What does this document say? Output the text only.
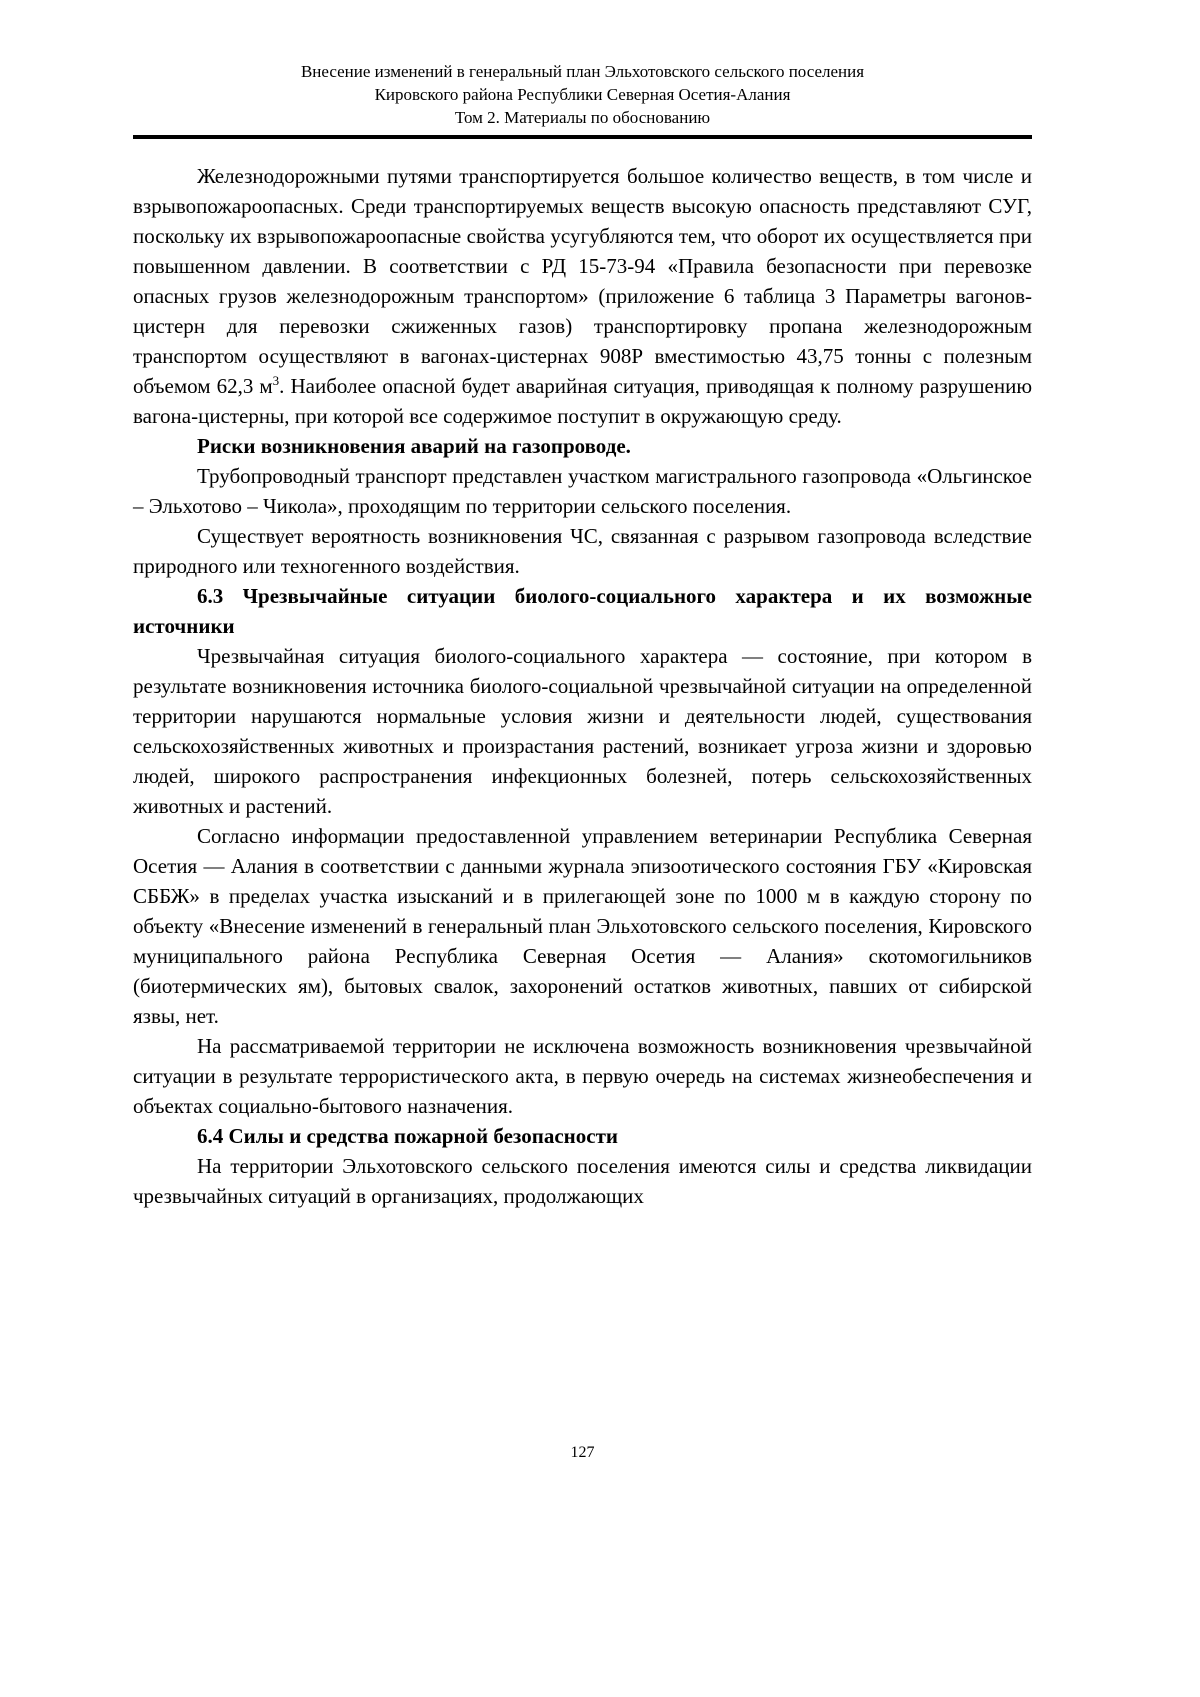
Внесение изменений в генеральный план Эльхотовского сельского поселения
Кировского района Республики Северная Осетия-Алания
Том 2. Материалы по обоснованию

Железнодорожными путями транспортируется большое количество веществ, в том числе и взрывопожароопасных. Среди транспортируемых веществ высокую опасность представляют СУГ, поскольку их взрывопожароопасные свойства усугубляются тем, что оборот их осуществляется при повышенном давлении. В соответствии с РД 15-73-94 «Правила безопасности при перевозке опасных грузов железнодорожным транспортом» (приложение 6 таблица 3 Параметры вагонов-цистерн для перевозки сжиженных газов) транспортировку пропана железнодорожным транспортом осуществляют в вагонах-цистернах 908Р вместимостью 43,75 тонны с полезным объемом 62,3 $м^3$. Наиболее опасной будет аварийная ситуация, приводящая к полному разрушению вагона-цистерны, при которой все содержимое поступит в окружающую среду.

Риски возникновения аварий на газопроводе.

Трубопроводный транспорт представлен участком магистрального газопровода «Ольгинское – Эльхотово – Чикола», проходящим по территории сельского поселения.

Существует вероятность возникновения ЧС, связанная с разрывом газопровода вследствие природного или техногенного воздействия.

6.3 Чрезвычайные ситуации биолого-социального характера и их возможные источники

Чрезвычайная ситуация биолого-социального характера — состояние, при котором в результате возникновения источника биолого-социальной чрезвычайной ситуации на определенной территории нарушаются нормальные условия жизни и деятельности людей, существования сельскохозяйственных животных и произрастания растений, возникает угроза жизни и здоровью людей, широкого распространения инфекционных болезней, потерь сельскохозяйственных животных и растений.

Согласно информации предоставленной управлением ветеринарии Республика Северная Осетия — Алания в соответствии с данными журнала эпизоотического состояния ГБУ «Кировская СББЖ» в пределах участка изысканий и в прилегающей зоне по 1000 м в каждую сторону по объекту «Внесение изменений в генеральный план Эльхотовского сельского поселения, Кировского муниципального района Республика Северная Осетия — Алания» скотомогильников (биотермических ям), бытовых свалок, захоронений остатков животных, павших от сибирской язвы, нет.

На рассматриваемой территории не исключена возможность возникновения чрезвычайной ситуации в результате террористического акта, в первую очередь на системах жизнеобеспечения и объектах социально-бытового назначения.

6.4 Силы и средства пожарной безопасности

На территории Эльхотовского сельского поселения имеются силы и средства ликвидации чрезвычайных ситуаций в организациях, продолжающих

127
